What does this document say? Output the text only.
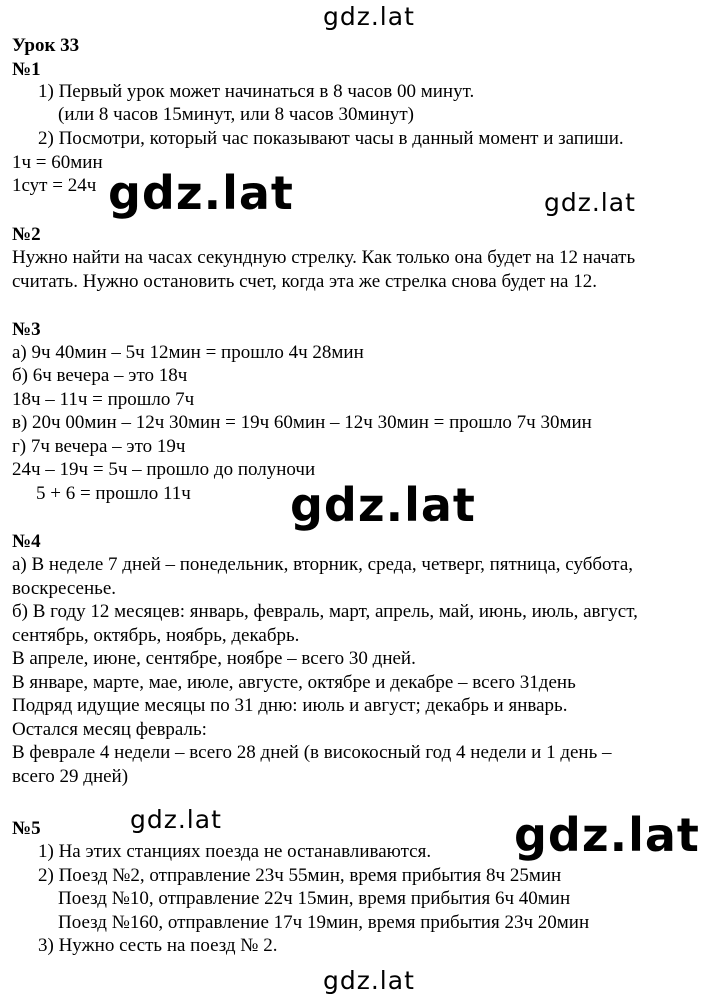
gdz.lat
gdz.lat	gdz.lat
gdz.lat
gdz.lat	gdz.lat
gdz.lat
Урок 33
№1
1) Первый урок может начинаться в 8 часов 00 минут.
(или 8 часов 15минут, или 8 часов 30минут)
2) Посмотри, который час показывают часы в данный момент и запиши.
1ч = 60мин
1сут = 24ч
№2
Нужно найти на часах секундную стрелку. Как только она будет на 12 начать
считать. Нужно остановить счет, когда эта же стрелка снова будет на 12.
№3
а) 9ч 40мин – 5ч 12мин = прошло 4ч 28мин
б) 6ч вечера – это 18ч
18ч – 11ч = прошло 7ч
в) 20ч 00мин – 12ч 30мин = 19ч 60мин – 12ч 30мин = прошло 7ч 30мин
г) 7ч вечера – это 19ч
24ч – 19ч = 5ч – прошло до полуночи
5 + 6 = прошло 11ч
№4
а) В неделе 7 дней – понедельник, вторник, среда, четверг, пятница, суббота,
воскресенье.
б) В году 12 месяцев: январь, февраль, март, апрель, май, июнь, июль, август,
сентябрь, октябрь, ноябрь, декабрь.
В апреле, июне, сентябре, ноябре – всего 30 дней.
В январе, марте, мае, июле, августе, октябре и декабре – всего 31день
Подряд идущие месяцы по 31 дню: июль и август; декабрь и январь.
Остался месяц февраль:
В феврале 4 недели – всего 28 дней (в високосный год 4 недели и 1 день –
всего 29 дней)
№5
1) На этих станциях поезда не останавливаются.
2) Поезд №2, отправление 23ч 55мин, время прибытия 8ч 25мин
Поезд №10, отправление 22ч 15мин, время прибытия 6ч 40мин
Поезд №160, отправление 17ч 19мин, время прибытия 23ч 20мин
3) Нужно сесть на поезд № 2.
